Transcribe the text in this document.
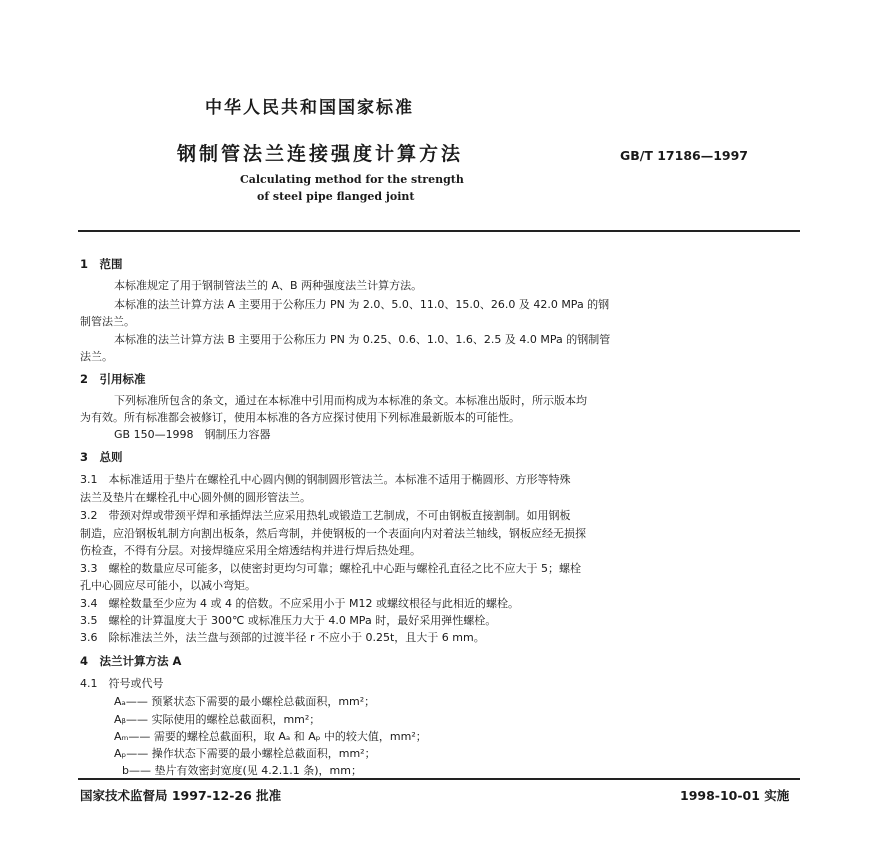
中华人民共和国国家标准
钢制管法兰连接强度计算方法	GB/T 17186—1997
Calculating method for the strength
of steel pipe flanged joint
1　范围
本标准规定了用于钢制管法兰的 A、B 两种强度法兰计算方法。
本标准的法兰计算方法 A 主要用于公称压力 PN 为 2.0、5.0、11.0、15.0、26.0 及 42.0 MPa 的钢
制管法兰。
本标准的法兰计算方法 B 主要用于公称压力 PN 为 0.25、0.6、1.0、1.6、2.5 及 4.0 MPa 的钢制管
法兰。
2　引用标准
下列标准所包含的条文，通过在本标准中引用而构成为本标准的条文。本标准出版时，所示版本均
为有效。所有标准都会被修订，使用本标准的各方应探讨使用下列标准最新版本的可能性。
GB 150—1998　钢制压力容器
3　总则
3.1　本标准适用于垫片在螺栓孔中心圆内侧的钢制圆形管法兰。本标准不适用于椭圆形、方形等特殊
法兰及垫片在螺栓孔中心圆外侧的圆形管法兰。
3.2　带颈对焊或带颈平焊和承插焊法兰应采用热轧或锻造工艺制成，不可由钢板直接割制。如用钢板
制造，应沿钢板轧制方向割出板条，然后弯制，并使钢板的一个表面向内对着法兰轴线，钢板应经无损探
伤检查，不得有分层。对接焊缝应采用全熔透结构并进行焊后热处理。
3.3　螺栓的数量应尽可能多，以使密封更均匀可靠；螺栓孔中心距与螺栓孔直径之比不应大于 5；螺栓
孔中心圆应尽可能小，以减小弯矩。
3.4　螺栓数量至少应为 4 或 4 的倍数。不应采用小于 M12 或螺纹根径与此相近的螺栓。
3.5　螺栓的计算温度大于 300℃ 或标准压力大于 4.0 MPa 时，最好采用弹性螺栓。
3.6　除标准法兰外，法兰盘与颈部的过渡半径 r 不应小于 0.25t，且大于 6 mm。
4　法兰计算方法 A
4.1　符号或代号
Aₐ—— 预紧状态下需要的最小螺栓总截面积，mm²；
Aᵦ—— 实际使用的螺栓总截面积，mm²；
Aₘ—— 需要的螺栓总截面积，取 Aₐ 和 Aₚ 中的较大值，mm²；
Aₚ—— 操作状态下需要的最小螺栓总截面积，mm²；
b—— 垫片有效密封宽度(见 4.2.1.1 条)，mm；
国家技术监督局 1997-12-26 批准	1998-10-01 实施
